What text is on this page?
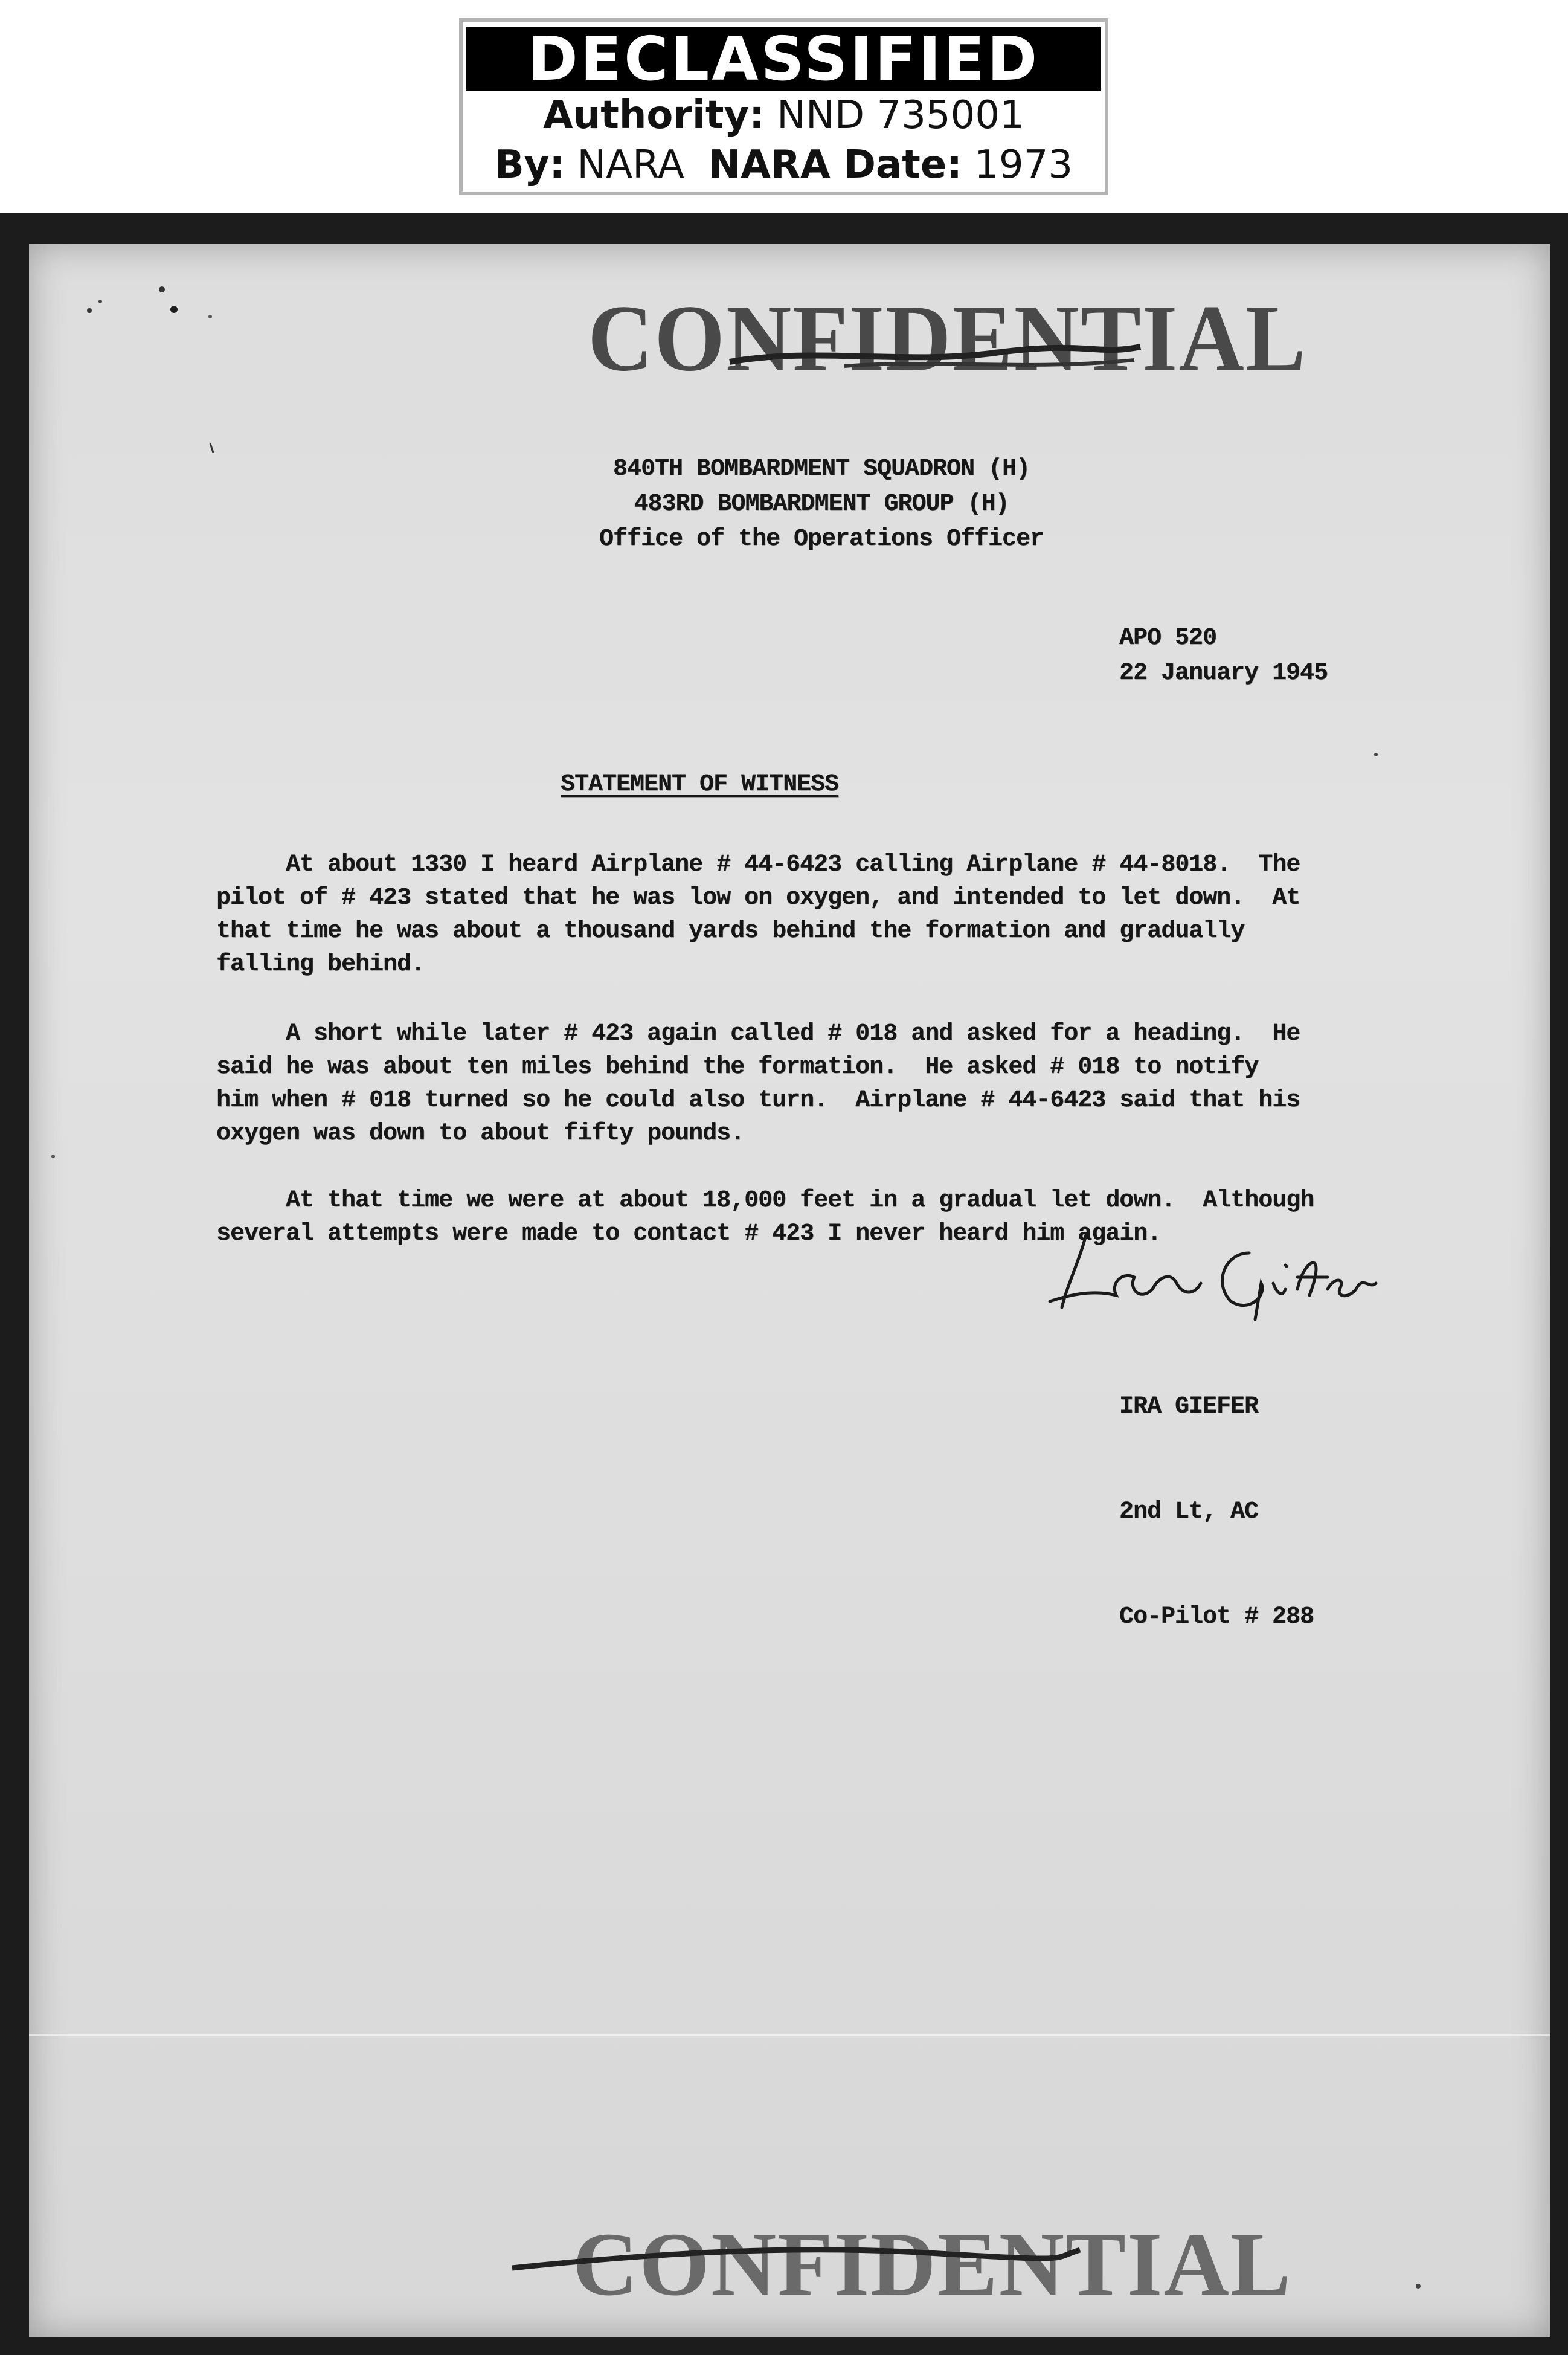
DECLASSIFIED
Authority: NND 735001
By: NARA NARA Date: 1973
CONFIDENTIAL
840TH BOMBARDMENT SQUADRON (H)
483RD BOMBARDMENT GROUP (H)
Office of the Operations Officer
APO 520
22 January 1945
STATEMENT OF WITNESS
At about 1330 I heard Airplane # 44-6423 calling Airplane # 44-8018.  The
pilot of # 423 stated that he was low on oxygen, and intended to let down.  At
that time he was about a thousand yards behind the formation and gradually
falling behind.
A short while later # 423 again called # 018 and asked for a heading.  He
said he was about ten miles behind the formation.  He asked # 018 to notify
him when # 018 turned so he could also turn.  Airplane # 44-6423 said that his
oxygen was down to about fifty pounds.
At that time we were at about 18,000 feet in a gradual let down.  Although
several attempts were made to contact # 423 I never heard him again.

IRA GIEFER

2nd Lt, AC

Co-Pilot # 288

CONFIDENTIAL
